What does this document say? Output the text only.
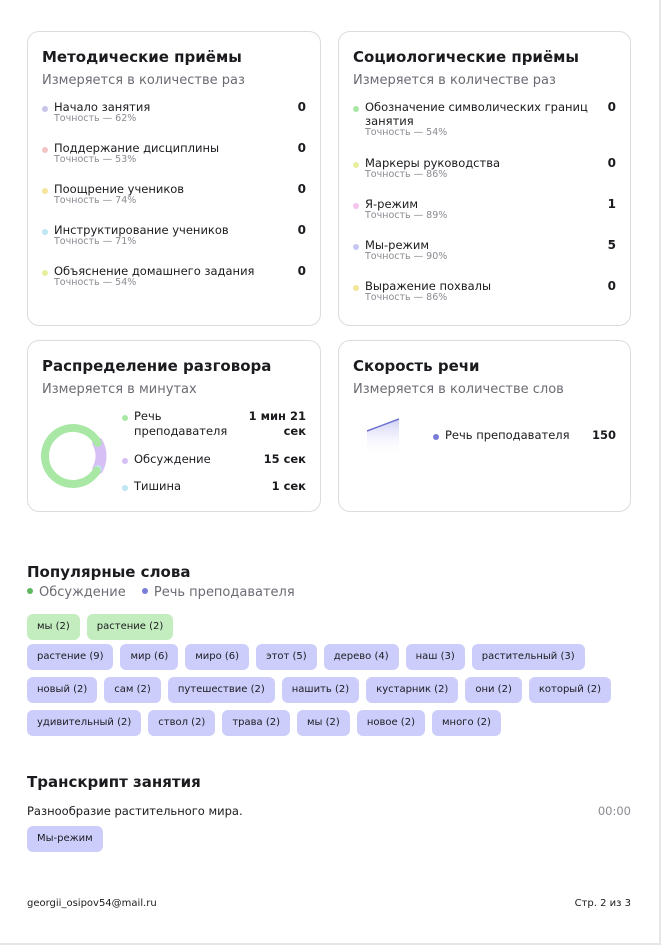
Методические приёмы
Измеряется в количестве раз
Начало занятия
Точность — 62%
0
Поддержание дисциплины
Точность — 53%
0
Поощрение учеников
Точность — 74%
0
Инструктирование учеников
Точность — 71%
0
Объяснение домашнего задания
Точность — 54%
0
Социологические приёмы
Измеряется в количестве раз
Обозначение символических границ занятия
Точность — 54%
0
Маркеры руководства
Точность — 86%
0
Я-режим
Точность — 89%
1
Мы-режим
Точность — 90%
5
Выражение похвалы
Точность — 86%
0
Распределение разговора
Измеряется в минутах
Речь преподавателя
1 мин 21 сек
Обсуждение	15 сек
Тишина	1 сек
Скорость речи
Измеряется в количестве слов
Речь преподавателя 150
Популярные слова
Обсуждение Речь преподавателя
мы (2)	растение (2)
растение (9)	мир (6)	миро (6)	этот (5)	дерево (4)	наш (3)	растительный (3)
новый (2)	сам (2)	путешествие (2)	нашить (2)	кустарник (2)	они (2)	который (2)
удивительный (2)	ствол (2)	трава (2)	мы (2)	новое (2)	много (2)
Транскрипт занятия
Разнообразие растительного мира.	00:00
Мы-режим
georgii_osipov54@mail.ru	Стр. 2 из 3
